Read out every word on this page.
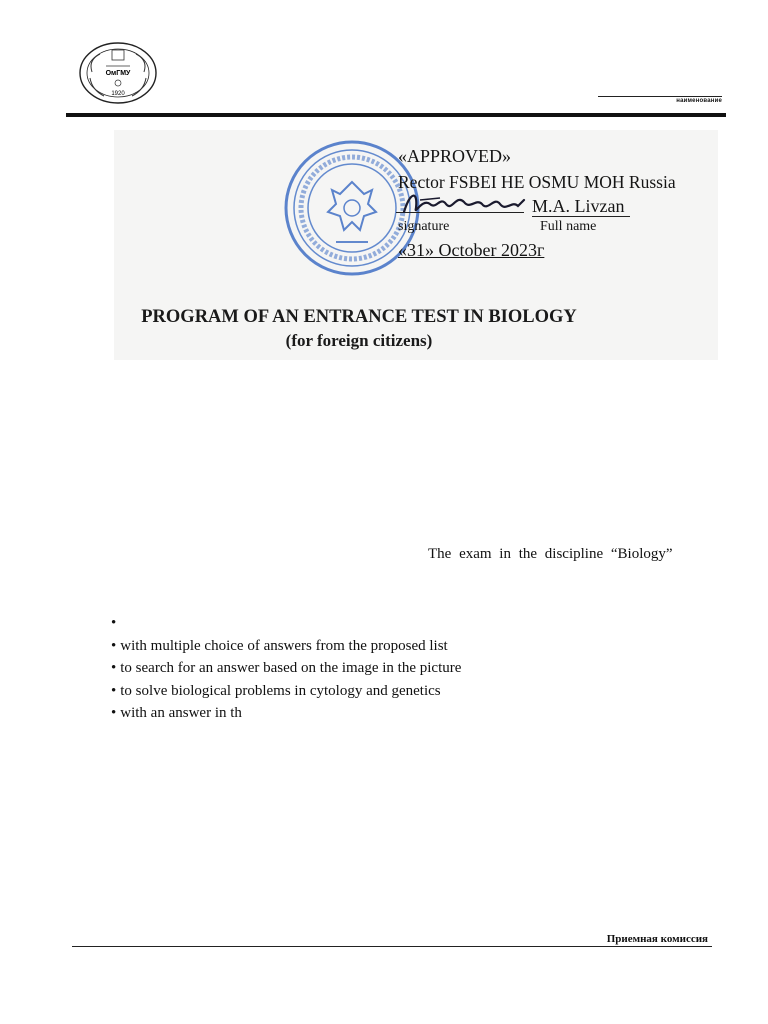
ОмГМУ
1920
наименование
«APPROVED»
Rector FSBEI HE OSMU MOH Russia
M.A. Livzan
signature	Full name
«31» October 2023г
PROGRAM OF AN ENTRANCE TEST IN BIOLOGY
(for foreign citizens)
The exam in the discipline “Biology”
•
• with multiple choice of answers from the proposed list
• to search for an answer based on the image in the picture
• to solve biological problems in cytology and genetics
• with an answer in th
Приемная комиссия
